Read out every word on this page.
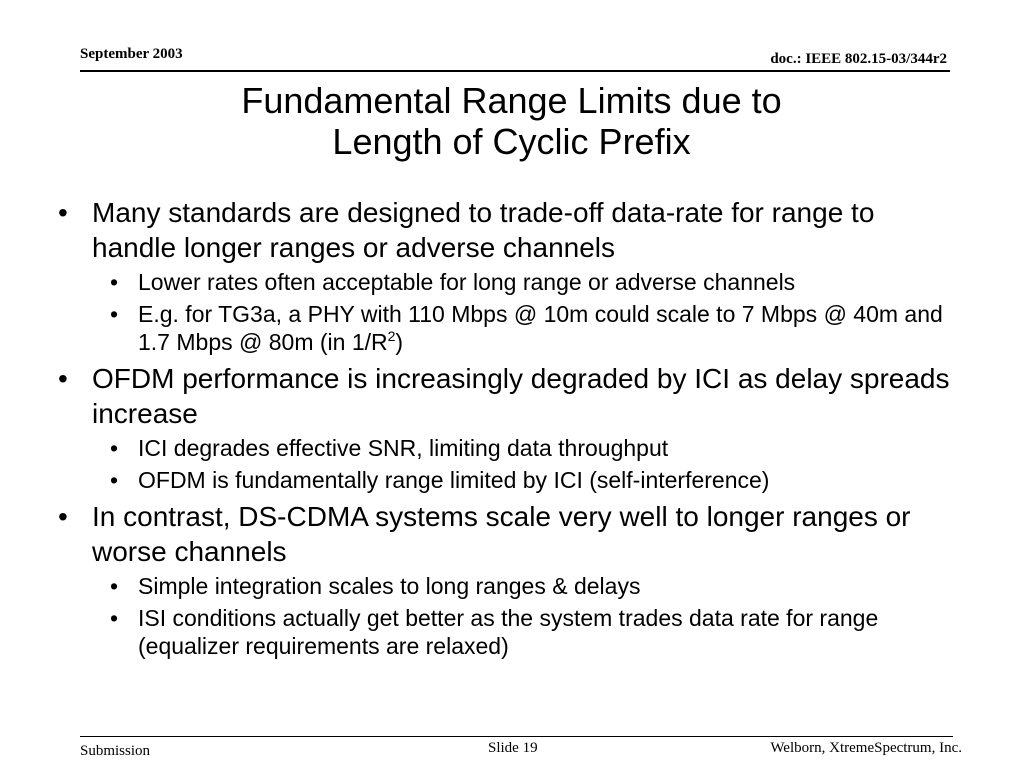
September 2003	doc.: IEEE 802.15-03/344r2
Fundamental Range Limits due to
Length of Cyclic Prefix
• Many standards are designed to trade-off data-rate for range to handle longer ranges or adverse channels
• Lower rates often acceptable for long range or adverse channels
• E.g. for TG3a, a PHY with 110 Mbps @ 10m could scale to 7 Mbps @ 40m and 1.7 Mbps @ 80m (in $1/R^2$)
• OFDM performance is increasingly degraded by ICI as delay spreads increase
• ICI degrades effective SNR, limiting data throughput
• OFDM is fundamentally range limited by ICI (self-interference)
• In contrast, DS-CDMA systems scale very well to longer ranges or worse channels
• Simple integration scales to long ranges & delays
• ISI conditions actually get better as the system trades data rate for range (equalizer requirements are relaxed)
Submission	Slide 19	Welborn, XtremeSpectrum, Inc.
